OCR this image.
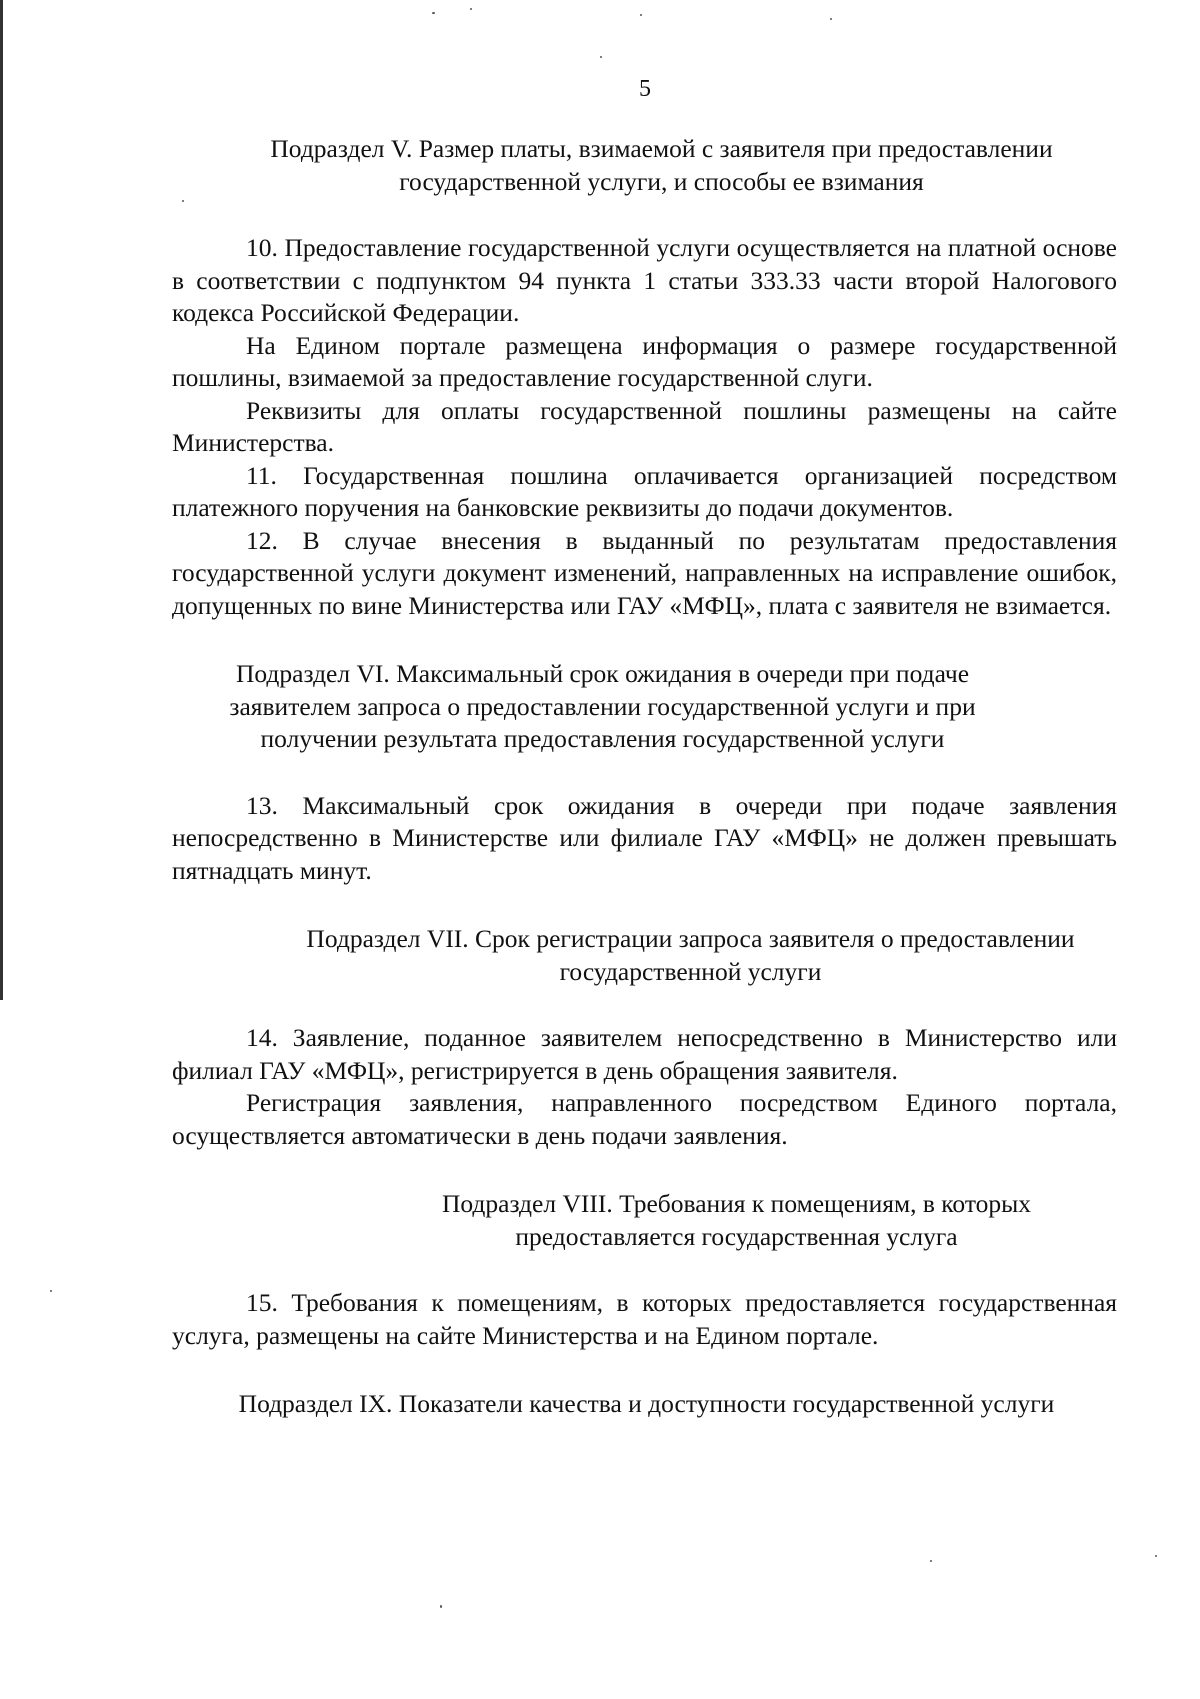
5
Подраздел V. Размер платы, взимаемой с заявителя при предоставлении
государственной услуги, и способы ее взимания

10. Предоставление государственной услуги осуществляется на платной основе в соответствии с подпунктом 94 пункта 1 статьи 333.33 части второй Налогового кодекса Российской Федерации.

На Едином портале размещена информация о размере государственной пошлины, взимаемой за предоставление государственной слуги.

Реквизиты для оплаты государственной пошлины размещены на сайте Министерства.

11. Государственная пошлина оплачивается организацией посредством платежного поручения на банковские реквизиты до подачи документов.

12. В случае внесения в выданный по результатам предоставления государственной услуги документ изменений, направленных на исправление ошибок, допущенных по вине Министерства или ГАУ «МФЦ», плата с заявителя не взимается.

Подраздел VI. Максимальный срок ожидания в очереди при подаче
заявителем запроса о предоставлении государственной услуги и при
получении результата предоставления государственной услуги

13. Максимальный срок ожидания в очереди при подаче заявления непосредственно в Министерстве или филиале ГАУ «МФЦ» не должен превышать пятнадцать минут.

Подраздел VII. Срок регистрации запроса заявителя о предоставлении
государственной услуги

14. Заявление, поданное заявителем непосредственно в Министерство или филиал ГАУ «МФЦ», регистрируется в день обращения заявителя.

Регистрация заявления, направленного посредством Единого портала, осуществляется автоматически в день подачи заявления.

Подраздел VIII. Требования к помещениям, в которых
предоставляется государственная услуга

15. Требования к помещениям, в которых предоставляется государственная услуга, размещены на сайте Министерства и на Едином портале.

Подраздел IX. Показатели качества и доступности государственной услуги
